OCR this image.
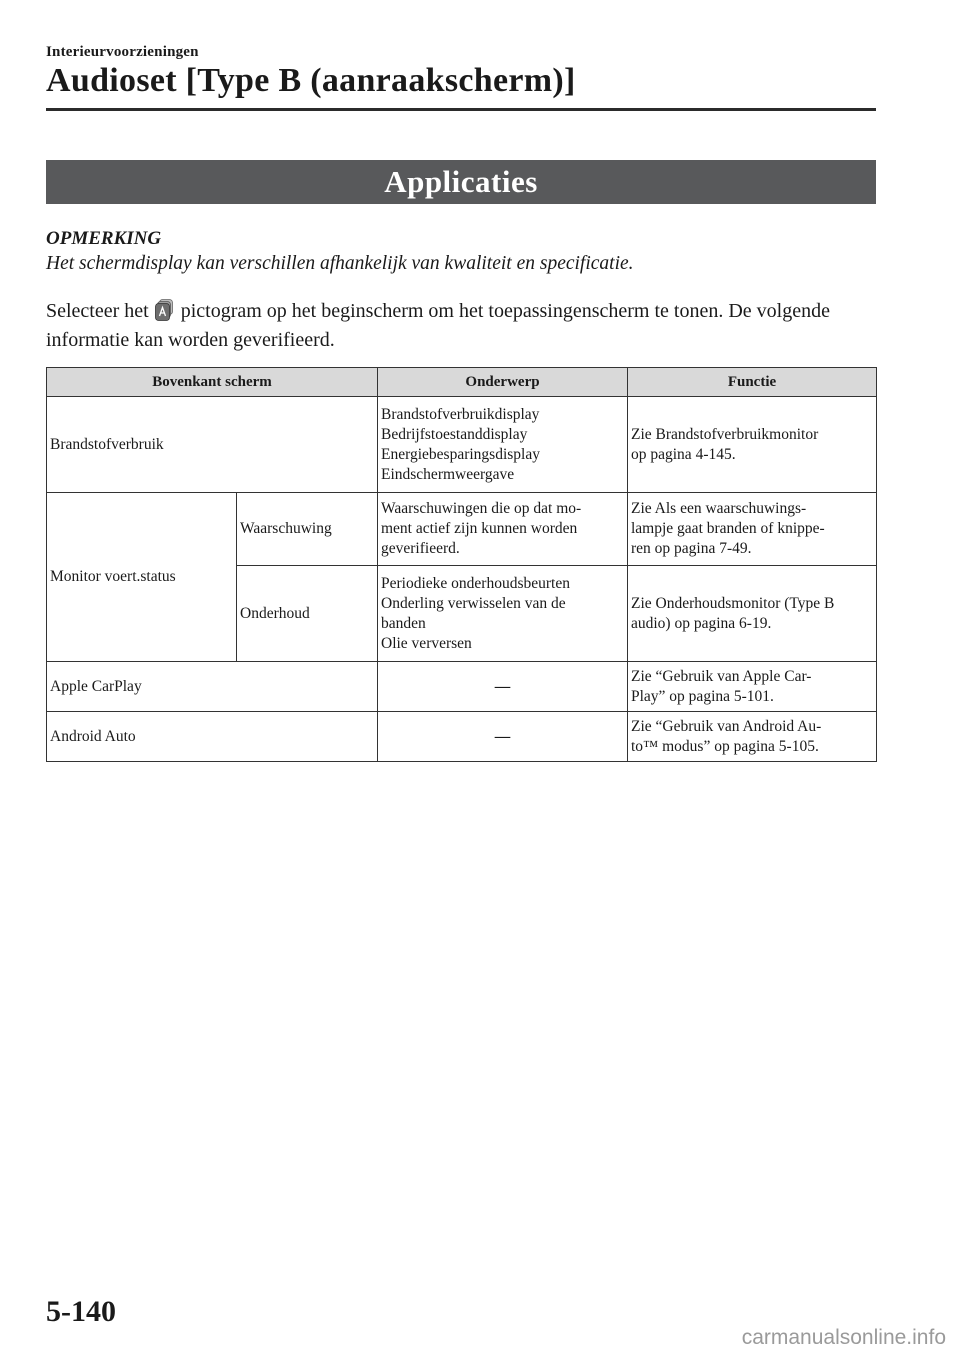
Interieurvoorzieningen
Audioset [Type B (aanraakscherm)]
Applicaties
OPMERKING
Het schermdisplay kan verschillen afhankelijk van kwaliteit en specificatie.
Selecteer het pictogram op het beginscherm om het toepassingenscherm te tonen. De volgende informatie kan worden geverifieerd.
Bovenkant scherm		Onderwerp	Functie
Brandstofverbruik		Brandstofverbruikdisplay
Bedrijfstoestanddisplay
Energiebesparingsdisplay
Eindschermweergave	Zie Brandstofverbruikmonitor
op pagina 4-145.

Monitor voert.status	Waarschuwing	Waarschuwingen die op dat mo-
ment actief zijn kunnen worden
geverifieerd.	Zie Als een waarschuwings-
lampje gaat branden of knippe-
ren op pagina 7-49.

	Onderhoud	Periodieke onderhoudsbeurten
Onderling verwisselen van de
banden
Olie verversen	Zie Onderhoudsmonitor (Type B
audio) op pagina 6-19.

Apple CarPlay		—	Zie “Gebruik van Apple Car-
Play” op pagina 5-101.

Android Auto		—	Zie “Gebruik van Android Au-
to™ modus” op pagina 5-105.
5-140
carmanualsonline.info
